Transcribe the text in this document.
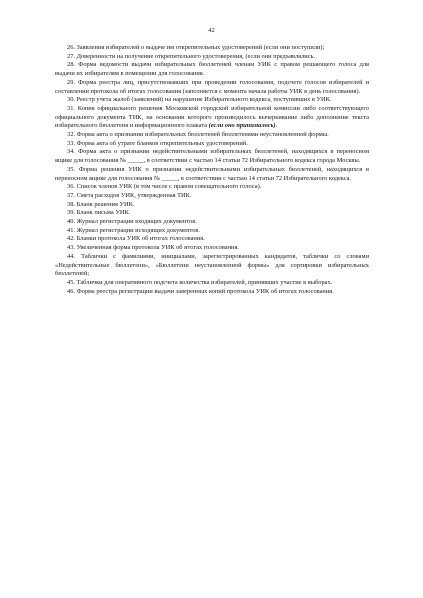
42

26. Заявления избирателей о выдаче им открепительных удостоверений (если они поступили);

27. Доверенности на получение открепительного удостоверения, (если они предъявлялись.

28. Форма ведомости выдачи избирательных бюллетеней членам УИК с правом решающего голоса для выдачи их избирателям в помещении для голосования.

29. Форма реестра лиц, присутствовавших при проведении голосования, подсчете голосов избирателей и составлении протокола об итогах голосования (заполняется с момента начала работы УИК в день голосования).

30. Реестр учета жалоб (заявлений) на нарушение Избирательного кодекса, поступивших в УИК.

31. Копия официального решения Московской городской избирательной комиссии либо соответствующего официального документа ТИК, на основании которого производилось вычеркивание либо дополнение текста избирательного бюллетеня и информационного плаката (если оно принималось).

32. Форма акта о признании избирательных бюллетеней бюллетенями неустановленной формы.

33. Форма акта об утрате бланков открепительных удостоверений.

34. Форма акта о признании недействительными избирательных бюллетеней, находящихся в переносном ящике для голосования № _____, в соответствии с частью 14 статьи 72 Избирательного кодекса города Москвы.

35. Форма решения УИК о признании недействительными избирательных бюллетеней, находящихся в переносном ящике для голосования № _____, в соответствии с частью 14 статьи 72 Избирательного кодекса.

36. Список членов УИК (в том числе с правом совещательного голоса).

37. Смета расходов УИК, утвержденная ТИК.

38. Бланк решения УИК.

39. Бланк письма УИК.

40. Журнал регистрации входящих документов.

41. Журнал регистрации исходящих документов.

42. Бланки протокола УИК об итогах голосования.

43. Увеличенная форма протокола УИК об итогах голосования.

44. Таблички с фамилиями, инициалами, зарегистрированных кандидатов, таблички со словами «Недействительные бюллетени», «Бюллетени неустановленной формы» для сортировки избирательных бюллетеней;

45. Таблички для оперативного подсчета количества избирателей, принявших участие в выборах.

46. Форма реестра регистрации выдачи заверенных копий протокола УИК об итогах голосования.
